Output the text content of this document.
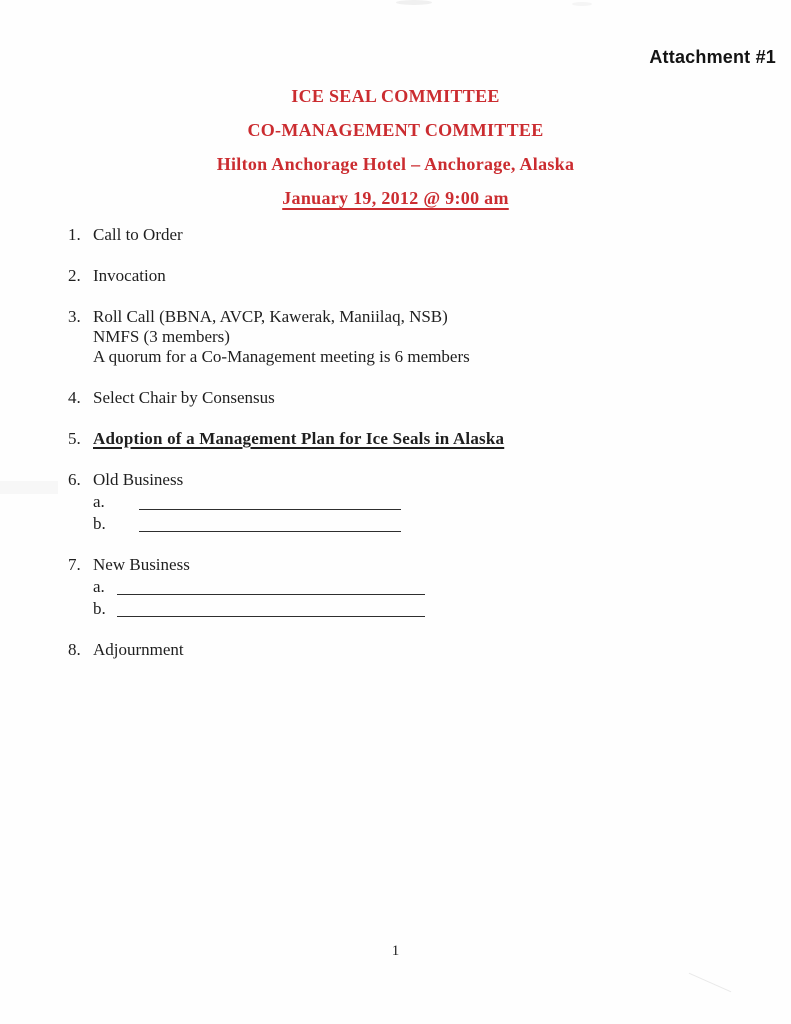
Attachment #1
ICE SEAL COMMITTEE
CO-MANAGEMENT COMMITTEE
Hilton Anchorage Hotel – Anchorage, Alaska
January 19, 2012 @ 9:00 am
1. Call to Order
2. Invocation
3. Roll Call (BBNA, AVCP, Kawerak, Maniilaq, NSB)
NMFS (3 members)
A quorum for a Co-Management meeting is 6 members
4. Select Chair by Consensus
5. Adoption of a Management Plan for Ice Seals in Alaska
6. Old Business
a.
b.
7. New Business
a.
b.
8. Adjournment
1
